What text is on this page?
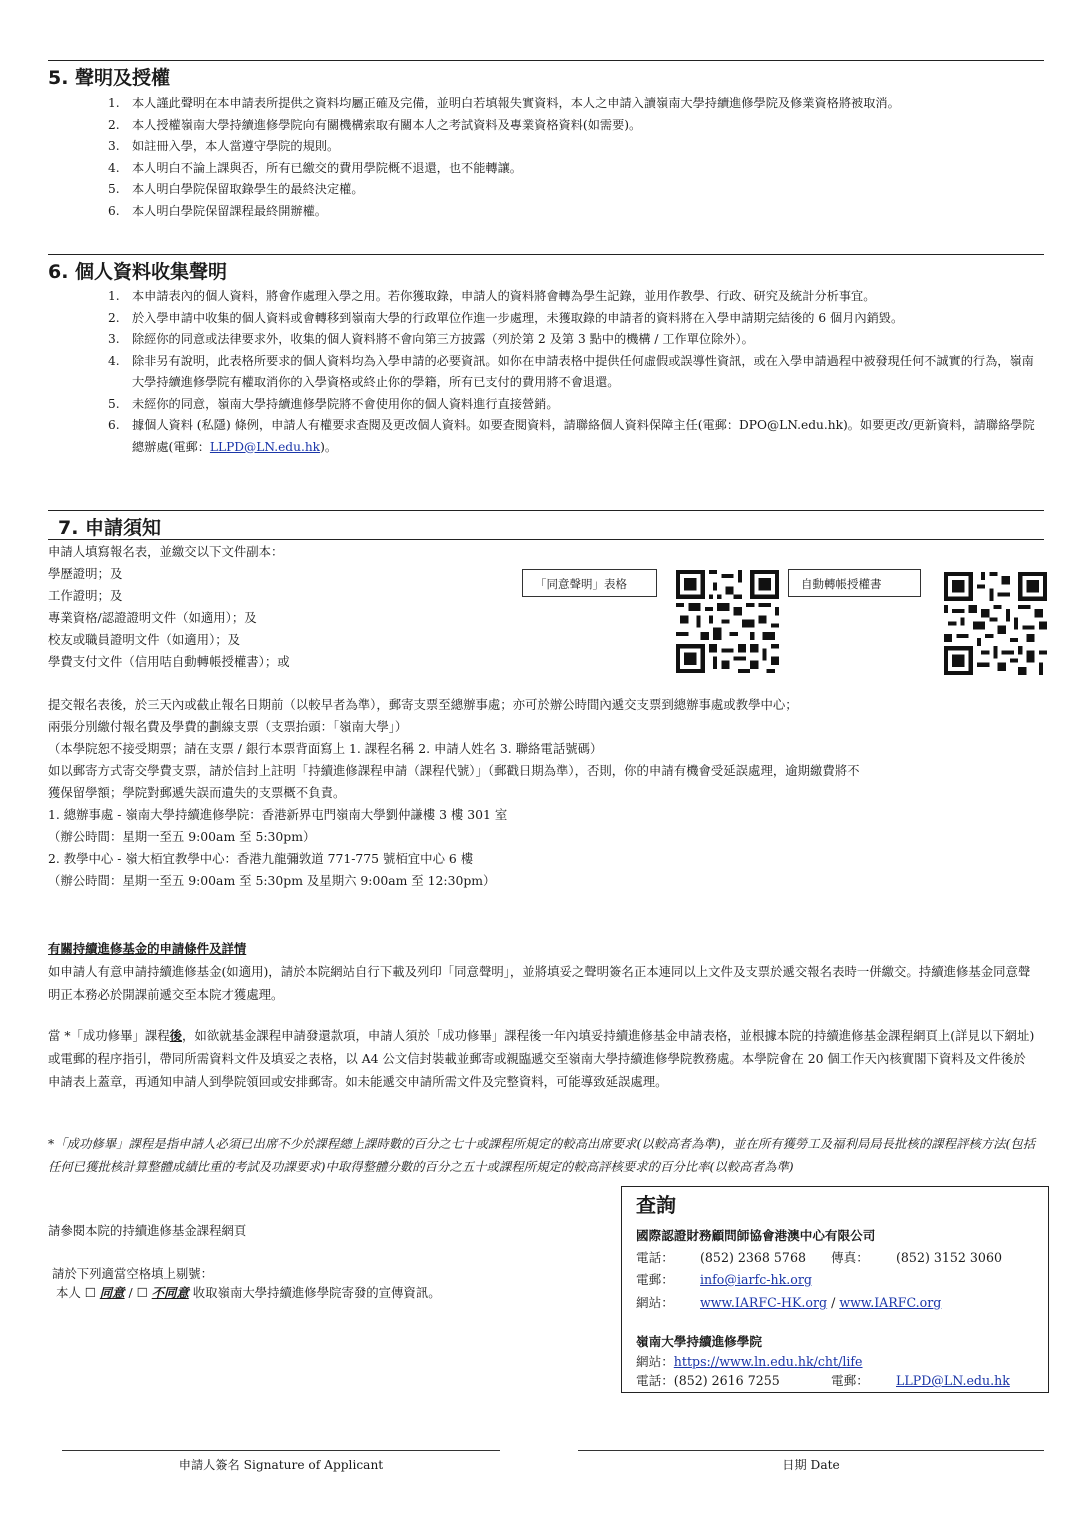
5. 聲明及授權
1. 本人謹此聲明在本申請表所提供之資料均屬正確及完備，並明白若填報失實資料，本人之申請入讀嶺南大學持續進修學院及修業資格將被取消。
2. 本人授權嶺南大學持續進修學院向有關機構索取有關本人之考試資料及專業資格資料(如需要)。
3. 如註冊入學，本人當遵守學院的規則。
4. 本人明白不論上課與否，所有已繳交的費用學院概不退還，也不能轉讓。
5. 本人明白學院保留取錄學生的最終決定權。
6. 本人明白學院保留課程最終開辦權。
6. 個人資料收集聲明
1. 本申請表內的個人資料，將會作處理入學之用。若你獲取錄，申請人的資料將會轉為學生記錄，並用作教學、行政、研究及統計分析事宜。
2. 於入學申請中收集的個人資料或會轉移到嶺南大學的行政單位作進一步處理，未獲取錄的申請者的資料將在入學申請期完結後的 6 個月內銷毀。
3. 除經你的同意或法律要求外，收集的個人資料將不會向第三方披露（列於第 2 及第 3 點中的機構 / 工作單位除外）。
4. 除非另有說明，此表格所要求的個人資料均為入學申請的必要資訊。如你在申請表格中提供任何虛假或誤導性資訊，或在入學申請過程中被發現任何不誠實的行為，嶺南大學持續進修學院有權取消你的入學資格或終止你的學籍，所有已支付的費用將不會退還。
5. 未經你的同意，嶺南大學持續進修學院將不會使用你的個人資料進行直接營銷。
6. 據個人資料 (私隱) 條例，申請人有權要求查閱及更改個人資料。如要查閱資料，請聯絡個人資料保障主任(電郵：DPO@LN.edu.hk)。如要更改/更新資料，請聯絡學院總辦處(電郵：LLPD@LN.edu.hk)。
7. 申請須知
申請人填寫報名表，並繳交以下文件副本：
學歷證明；及
工作證明；及
專業資格/認證證明文件（如適用）；及
校友或職員證明文件（如適用）；及
學費支付文件（信用咭自動轉帳授權書）；或
「同意聲明」表格	自動轉帳授權書
提交報名表後，於三天內或截止報名日期前（以較早者為準），郵寄支票至總辦事處；亦可於辦公時間內遞交支票到總辦事處或教學中心；
兩張分別繳付報名費及學費的劃線支票（支票抬頭：「嶺南大學」）
（本學院恕不接受期票；請在支票 / 銀行本票背面寫上 1. 課程名稱 2. 申請人姓名 3. 聯絡電話號碼）
如以郵寄方式寄交學費支票，請於信封上註明「持續進修課程申請（課程代號）」（郵戳日期為準），否則，你的申請有機會受延誤處理，逾期繳費將不
獲保留學額；學院對郵遞失誤而遺失的支票概不負責。
1. 總辦事處 - 嶺南大學持續進修學院：香港新界屯門嶺南大學劉仲謙樓 3 樓 301 室
（辦公時間：星期一至五 9:00am 至 5:30pm）
2. 教學中心 - 嶺大栢宜教學中心：香港九龍彌敦道 771-775 號栢宜中心 6 樓
（辦公時間：星期一至五 9:00am 至 5:30pm 及星期六 9:00am 至 12:30pm）
有關持續進修基金的申請條件及詳情
如申請人有意申請持續進修基金(如適用)，請於本院網站自行下載及列印「同意聲明」，並將填妥之聲明簽名正本連同以上文件及支票於遞交報名表時一併繳交。持續進修基金同意聲明正本務必於開課前遞交至本院才獲處理。
當 *「成功修畢」課程後，如欲就基金課程申請發還款項，申請人須於「成功修畢」課程後一年內填妥持續進修基金申請表格，並根據本院的持續進修基金課程網頁上(詳見以下網址) 或電郵的程序指引，帶同所需資料文件及填妥之表格，以 A4 公文信封裝載並郵寄或親臨遞交至嶺南大學持續進修學院教務處。本學院會在 20 個工作天內核實閣下資料及文件後於申請表上蓋章，再通知申請人到學院領回或安排郵寄。如未能遞交申請所需文件及完整資料，可能導致延誤處理。
*「成功修畢」課程是指申請人必須已出席不少於課程總上課時數的百分之七十或課程所規定的較高出席要求(以較高者為準)，並在所有獲勞工及福利局局長批核的課程評核方法(包括任何已獲批核計算整體成績比重的考試及功課要求)中取得整體分數的百分之五十或課程所規定的較高評核要求的百分比率(以較高者為準)
請參閱本院的持續進修基金課程網頁
請於下列適當空格填上剔號：
本人 ☐ 同意 / ☐ 不同意 收取嶺南大學持續進修學院寄發的宣傳資訊。
查詢
國際認證財務顧問師協會港澳中心有限公司
電話： (852) 2368 5768 傳真： (852) 3152 3060
電郵： info@iarfc-hk.org
網站： www.IARFC-HK.org / www.IARFC.org
嶺南大學持續進修學院
網站：https://www.ln.edu.hk/cht/life
電話：(852) 2616 7255	電郵： LLPD@LN.edu.hk
申請人簽名 Signature of Applicant	日期 Date
